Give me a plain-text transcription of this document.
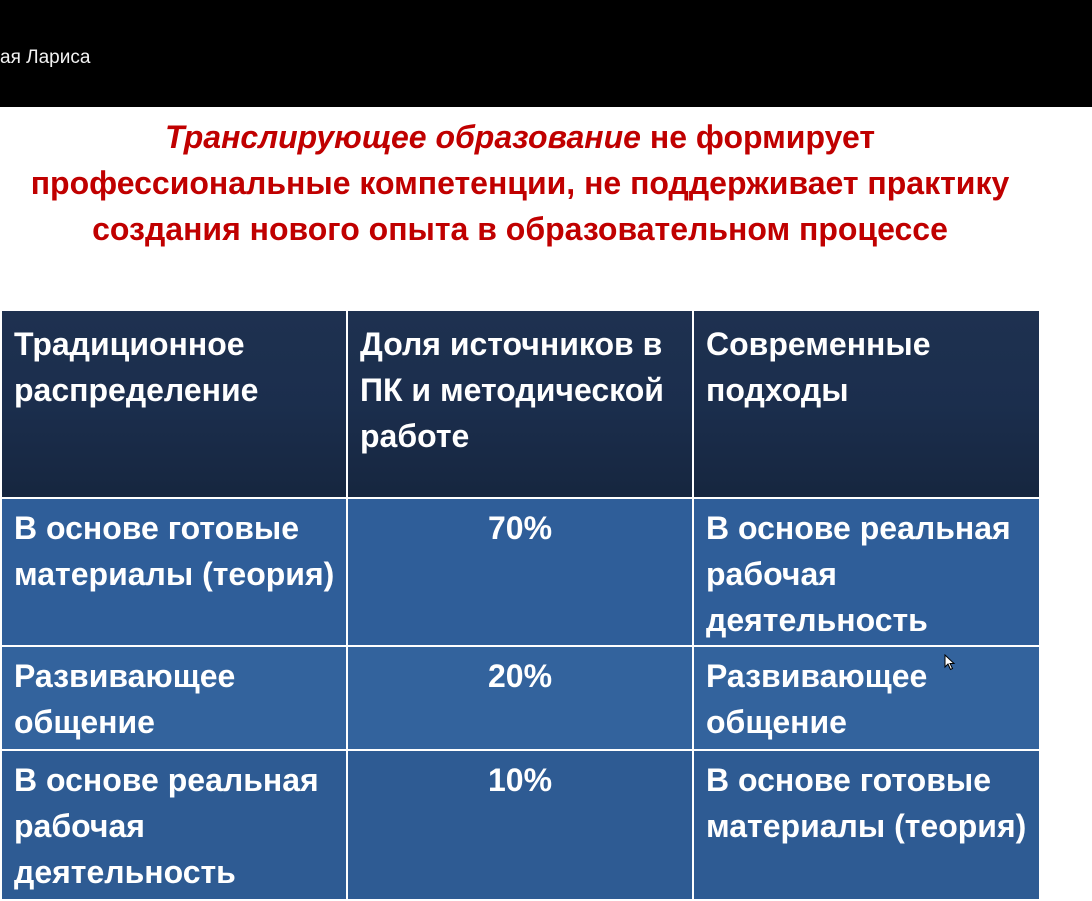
ая Лариса
Транслирующее образование не формирует профессиональные компетенции, не поддерживает практику создания нового опыта в образовательном процессе
Традиционное распределение	Доля источников в ПК и методической работе	Современные подходы
В основе готовые материалы (теория)	70%	В основе реальная рабочая деятельность
Развивающее общение	20%	Развивающее общение
В основе реальная рабочая деятельность	10%	В основе готовые материалы (теория)
